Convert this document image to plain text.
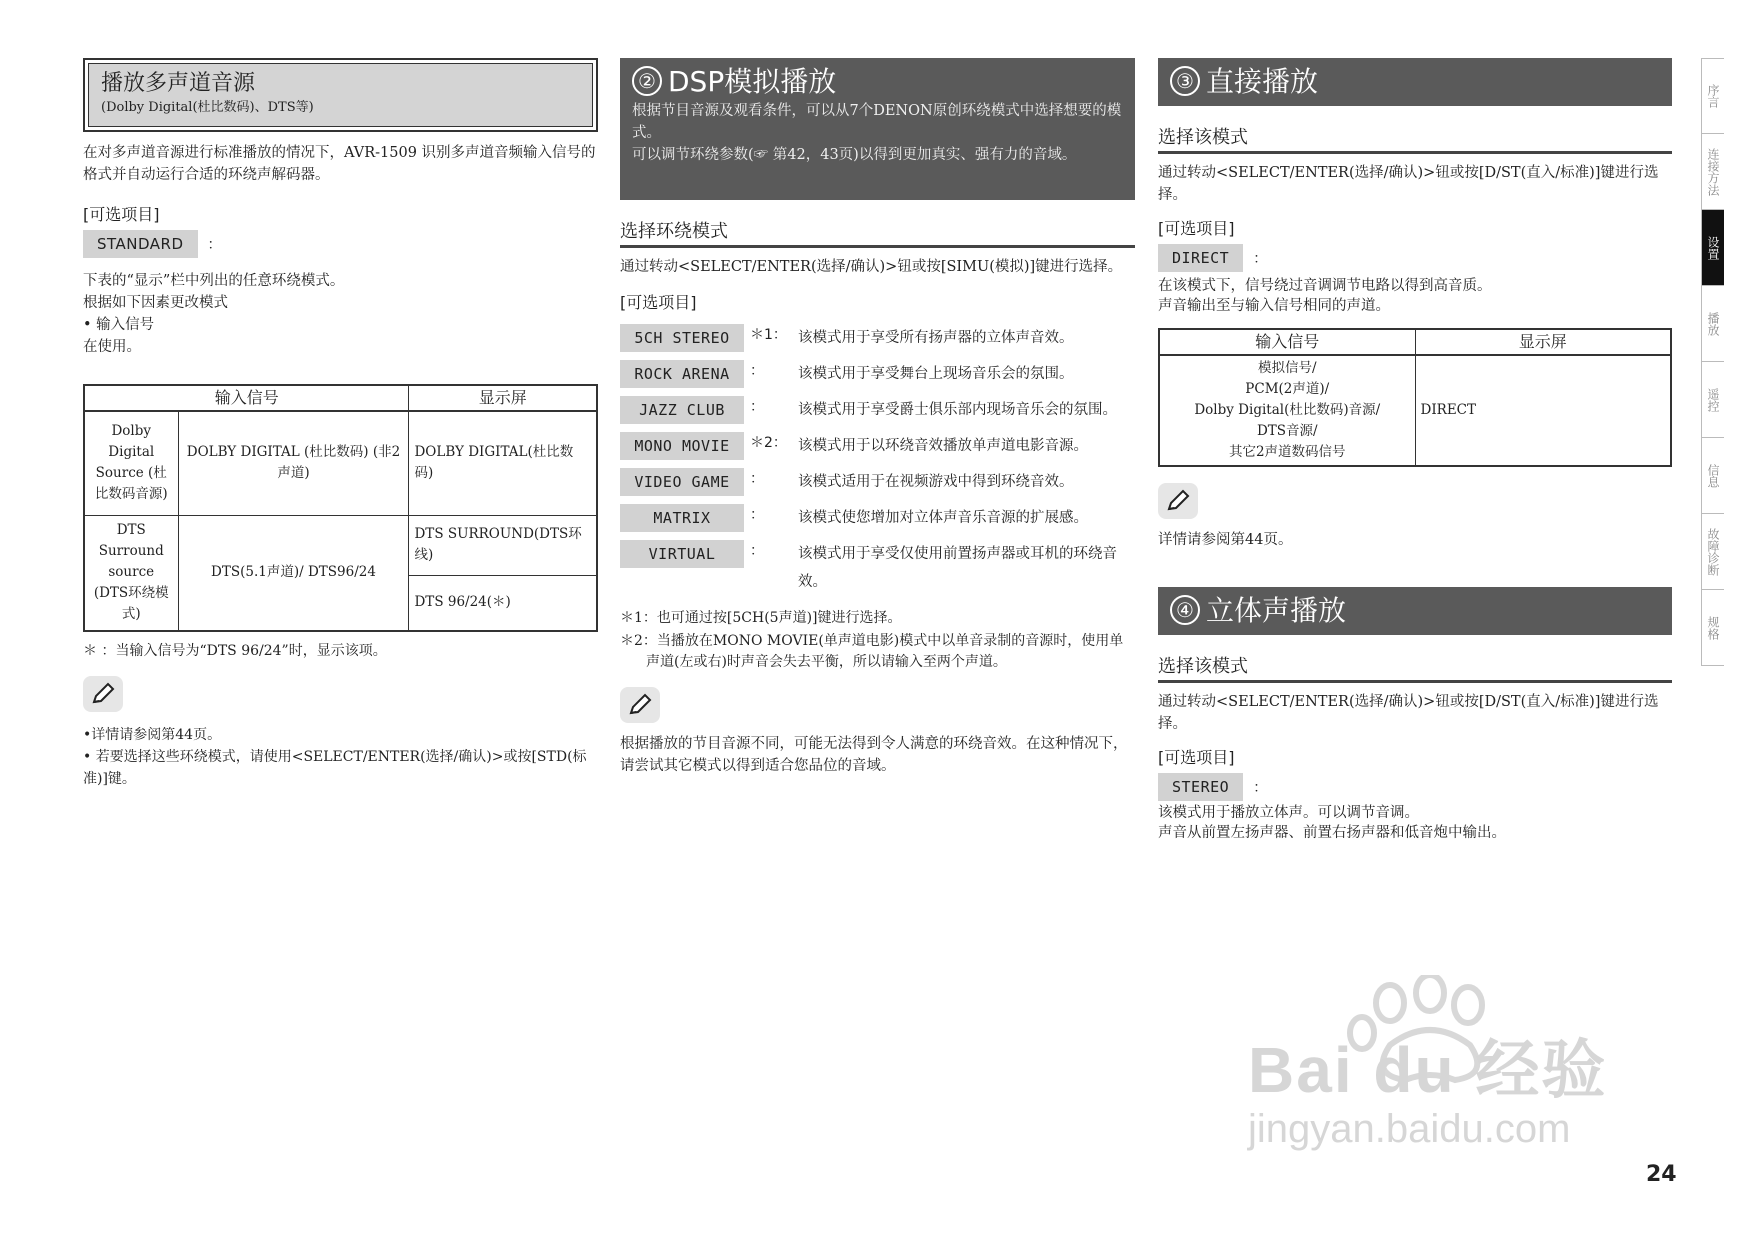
播放多声道音源
(Dolby Digital(杜比数码)、DTS等)
在对多声道音源进行标准播放的情况下，AVR-1509 识别多声道音频输入信号的格式并自动运行合适的环绕声解码器。
[可选项目]
STANDARD ：
下表的“显示”栏中列出的任意环绕模式。
根据如下因素更改模式
• 输入信号
在使用。
输入信号		显示屏
Dolby Digital Source (杜比数码音源)	DOLBY DIGITAL (杜比数码) (非2声道)	DOLBY DIGITAL(杜比数码)
DTS Surround source (DTS环绕模式)	DTS(5.1声道)/ DTS96/24	DTS SURROUND(DTS环线)
		DTS 96/24(＊)
＊ ：当输入信号为“DTS 96/24”时，显示该项。
•详情请参阅第44页。
• 若要选择这些环绕模式，请使用<SELECT/ENTER(选择/确认)>或按[STD(标准)]键。
② DSP模拟播放
根据节目音源及观看条件，可以从7个DENON原创环绕模式中选择想要的模式。
可以调节环绕参数(☞ 第42，43页)以得到更加真实、强有力的音域。
选择环绕模式
通过转动<SELECT/ENTER(选择/确认)>钮或按[SIMU(模拟)]键进行选择。
[可选项目]
5CH STEREO	＊1： 该模式用于享受所有扬声器的立体声音效。
ROCK ARENA	：	该模式用于享受舞台上现场音乐会的氛围。
JAZZ CLUB	：	该模式用于享受爵士俱乐部内现场音乐会的氛围。
MONO MOVIE	＊2： 该模式用于以环绕音效播放单声道电影音源。
VIDEO GAME	：	该模式适用于在视频游戏中得到环绕音效。
MATRIX	：	该模式使您增加对立体声音乐音源的扩展感。
VIRTUAL	：	该模式用于享受仅使用前置扬声器或耳机的环绕音效。
＊1：也可通过按[5CH(5声道)]键进行选择。
＊2：当播放在MONO MOVIE(单声道电影)模式中以单音录制的音源时，使用单声道(左或右)时声音会失去平衡，所以请输入至两个声道。
根据播放的节目音源不同，可能无法得到令人满意的环绕音效。在这种情况下，请尝试其它模式以得到适合您品位的音域。
③ 直接播放
选择该模式
通过转动<SELECT/ENTER(选择/确认)>钮或按[D/ST(直入/标准)]键进行选择。
[可选项目]
DIRECT ：
在该模式下，信号绕过音调调节电路以得到高音质。
声音输出至与输入信号相同的声道。
输入信号	显示屏

模拟信号/
PCM(2声道)/
Dolby Digital(杜比数码)音源/
DTS音源/
其它2声道数码信号	DIRECT
详情请参阅第44页。
④ 立体声播放
选择该模式
通过转动<SELECT/ENTER(选择/确认)>钮或按[D/ST(直入/标准)]键进行选择。
[可选项目]
STEREO ：
该模式用于播放立体声。可以调节音调。
声音从前置左扬声器、前置右扬声器和低音炮中输出。
序言
连接方法
设置
播放
遥控
信息
故障诊断
规格
Bai du 经验
jingyan.baidu.com
24
